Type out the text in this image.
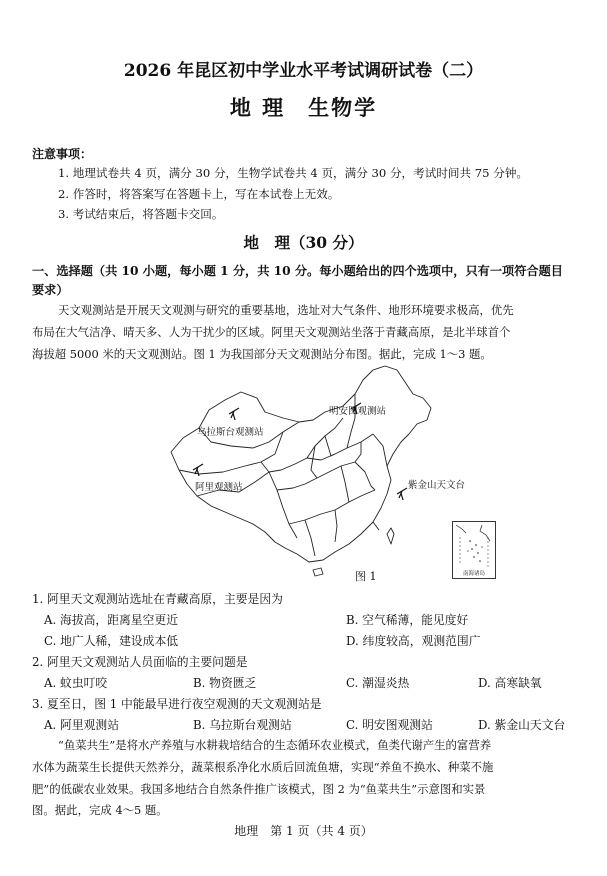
2026 年昆区初中学业水平考试调研试卷（二）
地 理　生物学
注意事项：
1. 地理试卷共 4 页，满分 30 分，生物学试卷共 4 页，满分 30 分，考试时间共 75 分钟。
2. 作答时，将答案写在答题卡上，写在本试卷上无效。
3. 考试结束后，将答题卡交回。
地　理（30 分）
一、选择题（共 10 小题，每小题 1 分，共 10 分。每小题给出的四个选项中，只有一项符合题目
要求）
天文观测站是开展天文观测与研究的重要基地，选址对大气条件、地形环境要求极高，优先
布局在大气洁净、晴天多、人为干扰少的区域。阿里天文观测站坐落于青藏高原，是北半球首个
海拔超 5000 米的天文观测站。图 1 为我国部分天文观测站分布图。据此，完成 1～3 题。
明安图观测站
乌拉斯台观测站
阿里观测站	紫金山天文台
图 1	南海诸岛
1. 阿里天文观测站选址在青藏高原，主要是因为
A. 海拔高，距离星空更近	B. 空气稀薄，能见度好
C. 地广人稀，建设成本低	D. 纬度较高，观测范围广
2. 阿里天文观测站人员面临的主要问题是
A. 蚊虫叮咬	B. 物资匮乏	C. 潮湿炎热	D. 高寒缺氧
3. 夏至日，图 1 中能最早进行夜空观测的天文观测站是
A. 阿里观测站	B. 乌拉斯台观测站	C. 明安图观测站	D. 紫金山天文台
“鱼菜共生”是将水产养殖与水耕栽培结合的生态循环农业模式，鱼类代谢产生的富营养
水体为蔬菜生长提供天然养分，蔬菜根系净化水质后回流鱼塘，实现“养鱼不换水、种菜不施
肥”的低碳农业效果。我国多地结合自然条件推广该模式，图 2 为“鱼菜共生”示意图和实景
图。据此，完成 4～5 题。
地理　第 1 页（共 4 页）
